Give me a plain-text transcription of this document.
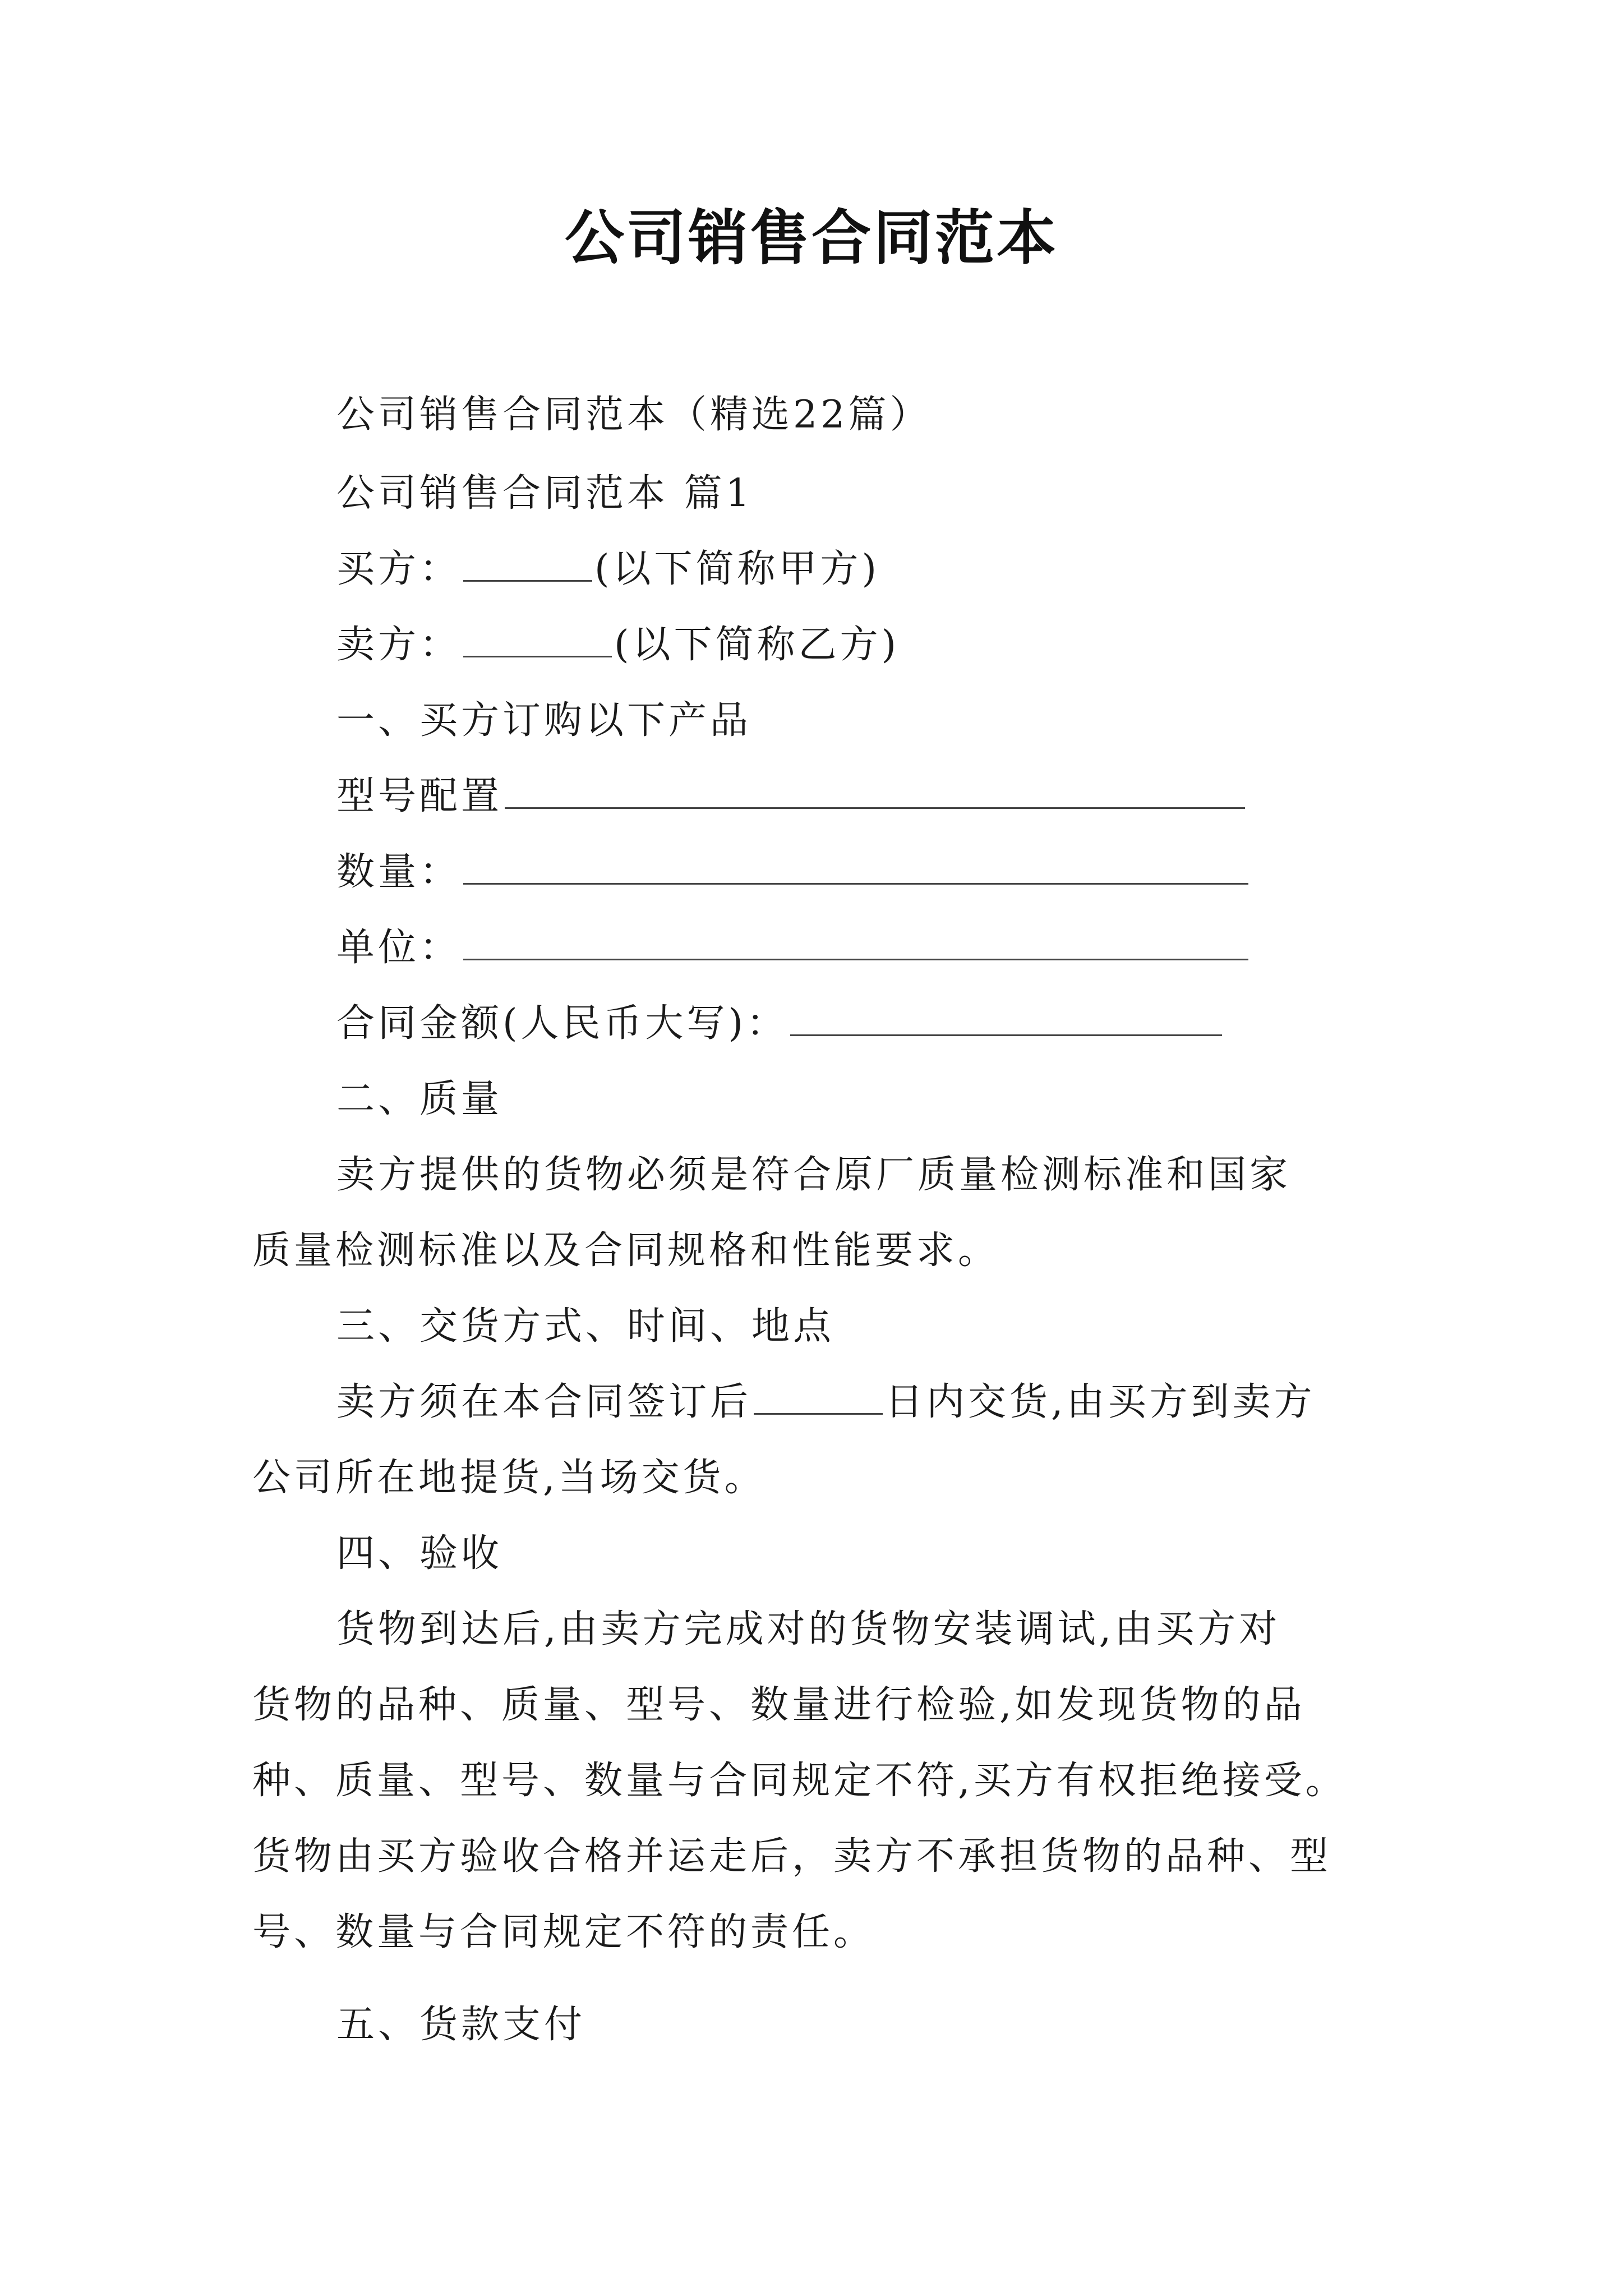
公司销售合同范本
公司销售合同范本（精选22篇）
公司销售合同范本 篇1
买方：	(以下简称甲方)
卖方：	(以下简称乙方)
一、买方订购以下产品
型号配置
数量：
单位：
合同金额(人民币大写)：
二、质量
卖方提供的货物必须是符合原厂质量检测标准和国家
质量检测标准以及合同规格和性能要求。
三、交货方式、时间、地点
卖方须在本合同签订后	日内交货,由买方到卖方
公司所在地提货,当场交货。
四、验收
货物到达后,由卖方完成对的货物安装调试,由买方对
货物的品种、质量、型号、数量进行检验,如发现货物的品
种、质量、型号、数量与合同规定不符,买方有权拒绝接受。
货物由买方验收合格并运走后，卖方不承担货物的品种、型
号、数量与合同规定不符的责任。
五、货款支付
